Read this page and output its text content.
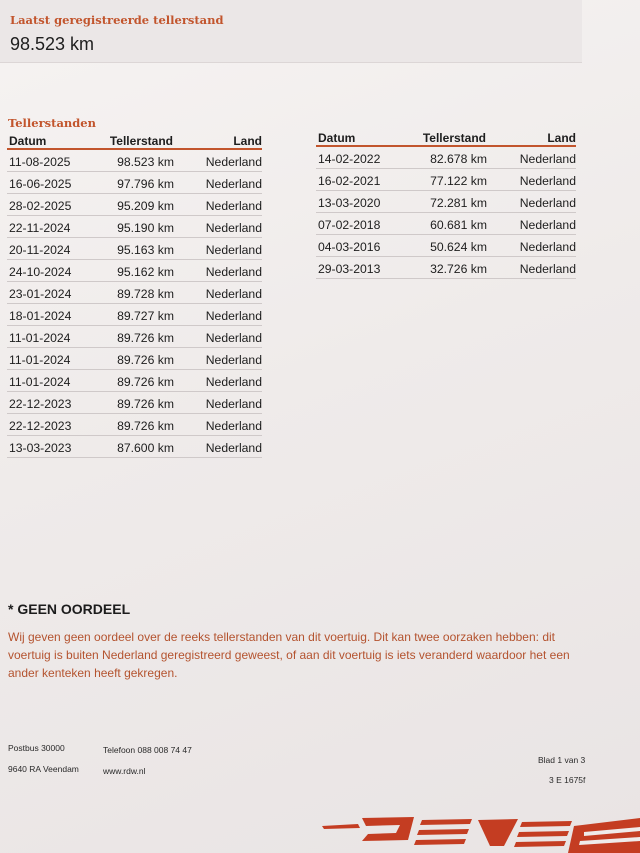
Laatst geregistreerde tellerstand
98.523 km
Tellerstanden
Datum	Tellerstand	Land
11-08-2025	98.523 km	Nederland
16-06-2025	97.796 km	Nederland
28-02-2025	95.209 km	Nederland
22-11-2024	95.190 km	Nederland
20-11-2024	95.163 km	Nederland
24-10-2024	95.162 km	Nederland
23-01-2024	89.728 km	Nederland
18-01-2024	89.727 km	Nederland
11-01-2024	89.726 km	Nederland
11-01-2024	89.726 km	Nederland
11-01-2024	89.726 km	Nederland
22-12-2023	89.726 km	Nederland
22-12-2023	89.726 km	Nederland
13-03-2023	87.600 km	Nederland
Datum	Tellerstand	Land
14-02-2022	82.678 km	Nederland
16-02-2021	77.122 km	Nederland
13-03-2020	72.281 km	Nederland
07-02-2018	60.681 km	Nederland
04-03-2016	50.624 km	Nederland
29-03-2013	32.726 km	Nederland
* GEEN OORDEEL
Wij geven geen oordeel over de reeks tellerstanden van dit voertuig. Dit kan twee oorzaken hebben: dit voertuig is buiten Nederland geregistreerd geweest, of aan dit voertuig is iets veranderd waardoor het een ander kenteken heeft gekregen.
Postbus 30000
9640 RA Veendam
Telefoon 088 008 74 47
www.rdw.nl
Blad 1 van 3
3 E 1675f
